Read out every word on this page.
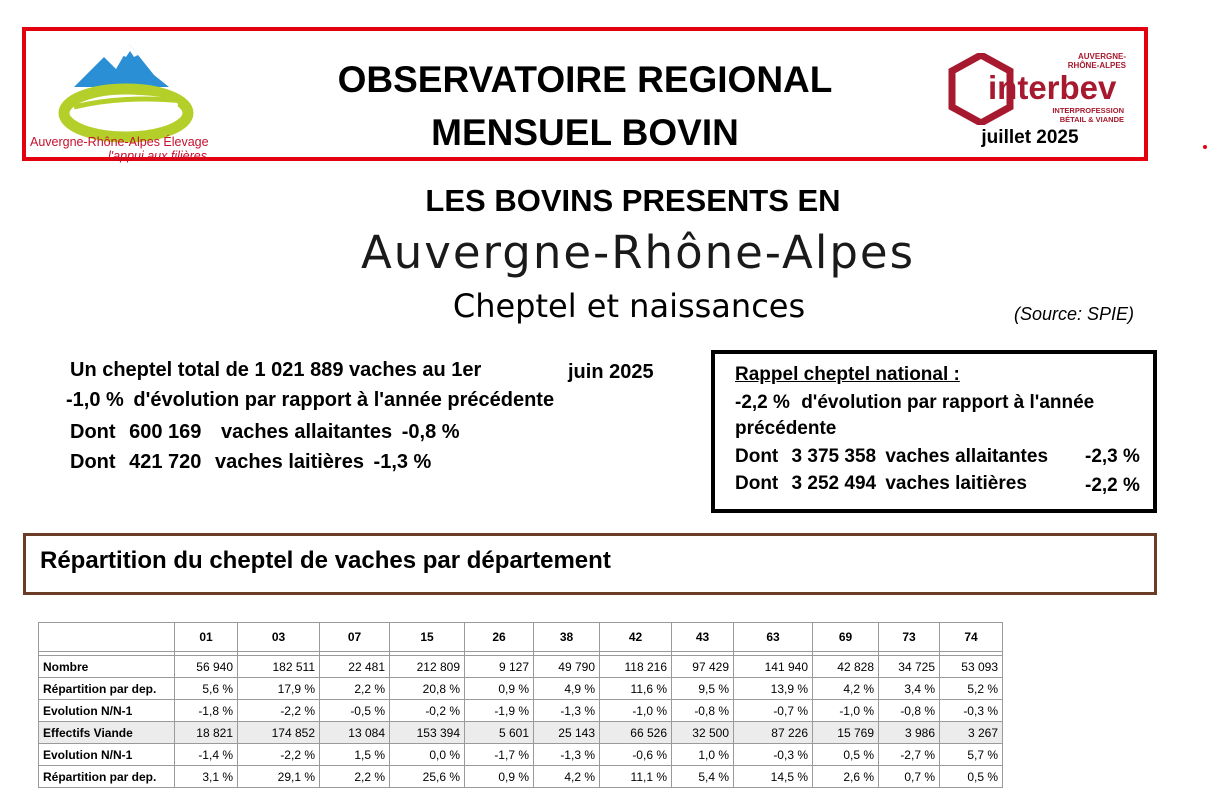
Auvergne-Rhône-Alpes Élevage
l'appui aux filières
OBSERVATOIRE REGIONAL
MENSUEL BOVIN
AUVERGNE-
RHÔNE-ALPES
interbev
INTERPROFESSION
BÉTAIL & VIANDE
juillet 2025
LES BOVINS PRESENTS EN
Auvergne-Rhône-Alpes
Cheptel et naissances	(Source: SPIE)
Un cheptel total de 1 021 889 vaches au 1er	juin 2025
-1,0 % d'évolution par rapport à l'année précédente
Dont 600 169 vaches allaitantes -0,8 %
Dont 421 720 vaches laitières -1,3 %
Rappel cheptel national :
-2,2 % d'évolution par rapport à l'année
précédente
Dont 3 375 358 vaches allaitantes -2,3 %
Dont 3 252 494 vaches laitières	-2,2 %
Répartition du cheptel de vaches par département
	01	03	07	15	26	38	42	43	63	69	73	74

Nombre	56 940	182 511	22 481	212 809	9 127	49 790	118 216	97 429	141 940	42 828	34 725	53 093
Répartition par dep.	5,6 %	17,9 %	2,2 %	20,8 %	0,9 %	4,9 %	11,6 %	9,5 %	13,9 %	4,2 %	3,4 %	5,2 %
Evolution N/N-1	-1,8 %	-2,2 %	-0,5 %	-0,2 %	-1,9 %	-1,3 %	-1,0 %	-0,8 %	-0,7 %	-1,0 %	-0,8 %	-0,3 %
Effectifs Viande	18 821	174 852	13 084	153 394	5 601	25 143	66 526	32 500	87 226	15 769	3 986	3 267
Evolution N/N-1	-1,4 %	-2,2 %	1,5 %	0,0 %	-1,7 %	-1,3 %	-0,6 %	1,0 %	-0,3 %	0,5 %	-2,7 %	5,7 %
Répartition par dep.	3,1 %	29,1 %	2,2 %	25,6 %	0,9 %	4,2 %	11,1 %	5,4 %	14,5 %	2,6 %	0,7 %	0,5 %
